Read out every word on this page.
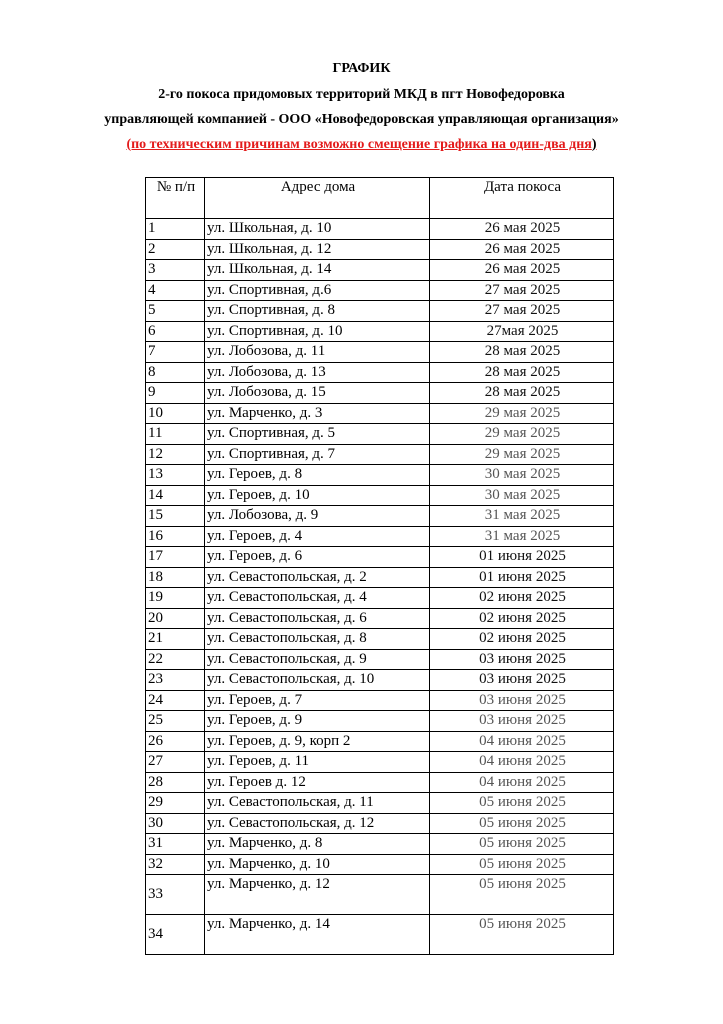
ГРАФИК
2-го покоса придомовых территорий МКД в пгт Новофедоровка
управляющей компанией - ООО «Новофедоровская управляющая организация»
(по техническим причинам возможно смещение графика на один-два дня)
№ п/п	Адрес дома	Дата покоса
1	ул. Школьная, д. 10	26 мая 2025
2	ул. Школьная, д. 12	26 мая 2025
3	ул. Школьная, д. 14	26 мая 2025
4	ул. Спортивная, д.6	27 мая 2025
5	ул. Спортивная, д. 8	27 мая 2025
6	ул. Спортивная, д. 10	27мая 2025
7	ул. Лобозова, д. 11	28 мая 2025
8	ул. Лобозова, д. 13	28 мая 2025
9	ул. Лобозова, д. 15	28 мая 2025
10	ул. Марченко, д. 3	29 мая 2025
11	ул. Спортивная, д. 5	29 мая 2025
12	ул. Спортивная, д. 7	29 мая 2025
13	ул. Героев, д. 8	30 мая 2025
14	ул. Героев, д. 10	30 мая 2025
15	ул. Лобозова, д. 9	31 мая 2025
16	ул. Героев, д. 4	31 мая 2025
17	ул. Героев, д. 6	01 июня 2025
18	ул. Севастопольская, д. 2	01 июня 2025
19	ул. Севастопольская, д. 4	02 июня 2025
20	ул. Севастопольская, д. 6	02 июня 2025
21	ул. Севастопольская, д. 8	02 июня 2025
22	ул. Севастопольская, д. 9	03 июня 2025
23	ул. Севастопольская, д. 10	03 июня 2025
24	ул. Героев, д. 7	03 июня 2025
25	ул. Героев, д. 9	03 июня 2025
26	ул. Героев, д. 9, корп 2	04 июня 2025
27	ул. Героев, д. 11	04 июня 2025
28	ул. Героев д. 12	04 июня 2025
29	ул. Севастопольская, д. 11	05 июня 2025
30	ул. Севастопольская, д. 12	05 июня 2025
31	ул. Марченко, д. 8	05 июня 2025
32	ул. Марченко, д. 10	05 июня 2025
33	ул. Марченко, д. 12	05 июня 2025
34	ул. Марченко, д. 14	05 июня 2025
